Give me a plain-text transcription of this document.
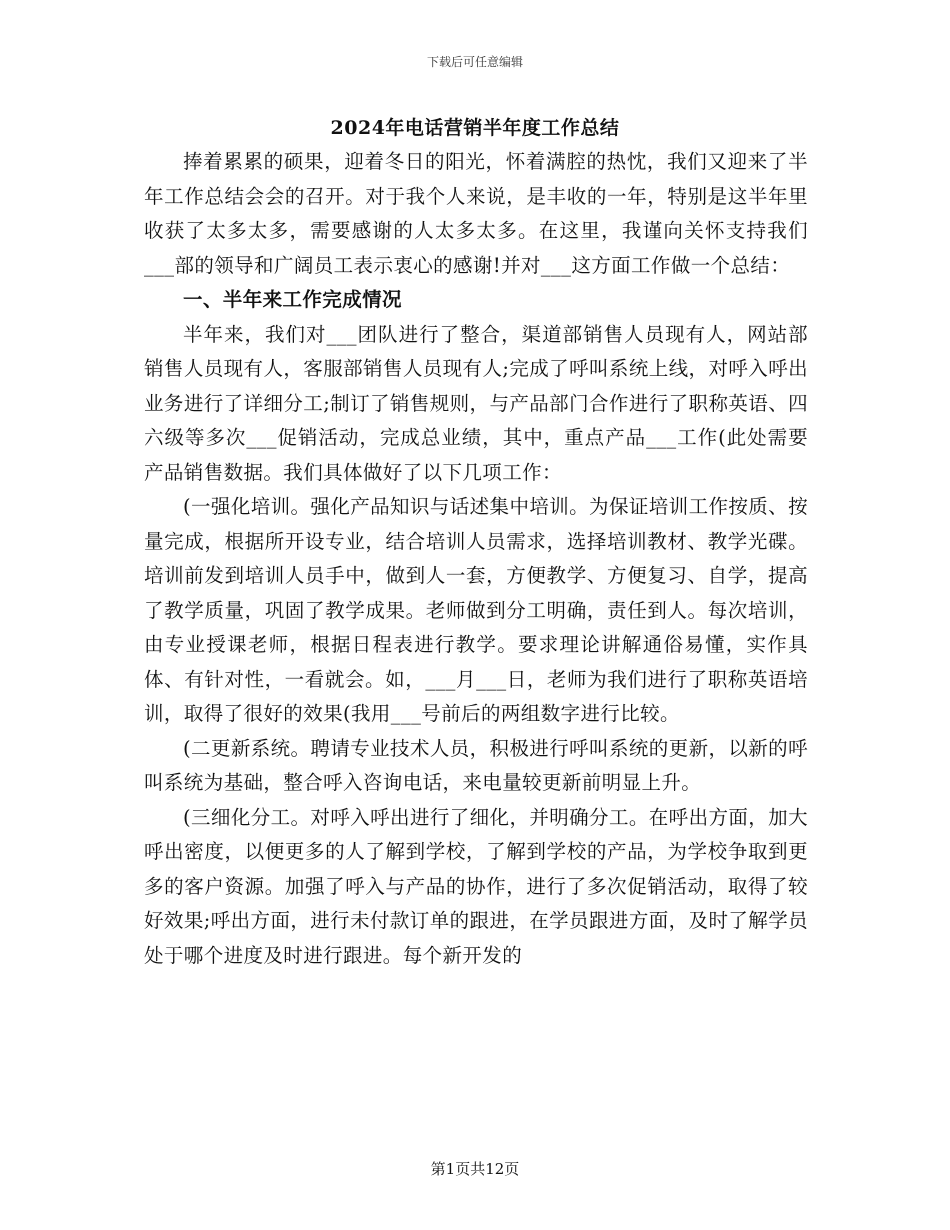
下载后可任意编辑
2024年电话营销半年度工作总结

捧着累累的硕果，迎着冬日的阳光，怀着满腔的热忱，我们又迎来了半年工作总结会会的召开。对于我个人来说，是丰收的一年，特别是这半年里收获了太多太多，需要感谢的人太多太多。在这里，我谨向关怀支持我们___部的领导和广阔员工表示衷心的感谢!并对___这方面工作做一个总结：

一、半年来工作完成情况

半年来，我们对___团队进行了整合，渠道部销售人员现有人，网站部销售人员现有人，客服部销售人员现有人;完成了呼叫系统上线，对呼入呼出业务进行了详细分工;制订了销售规则，与产品部门合作进行了职称英语、四六级等多次___促销活动，完成总业绩，其中，重点产品___工作(此处需要产品销售数据。我们具体做好了以下几项工作：

(一强化培训。强化产品知识与话述集中培训。为保证培训工作按质、按量完成，根据所开设专业，结合培训人员需求，选择培训教材、教学光碟。培训前发到培训人员手中，做到人一套，方便教学、方便复习、自学，提高了教学质量，巩固了教学成果。老师做到分工明确，责任到人。每次培训，由专业授课老师，根据日程表进行教学。要求理论讲解通俗易懂，实作具体、有针对性，一看就会。如，___月___日，老师为我们进行了职称英语培训，取得了很好的效果(我用___号前后的两组数字进行比较。

(二更新系统。聘请专业技术人员，积极进行呼叫系统的更新，以新的呼叫系统为基础，整合呼入咨询电话，来电量较更新前明显上升。

(三细化分工。对呼入呼出进行了细化，并明确分工。在呼出方面，加大呼出密度，以便更多的人了解到学校，了解到学校的产品，为学校争取到更多的客户资源。加强了呼入与产品的协作，进行了多次促销活动，取得了较好效果;呼出方面，进行未付款订单的跟进，在学员跟进方面，及时了解学员处于哪个进度及时进行跟进。每个新开发的

第1页共12页
